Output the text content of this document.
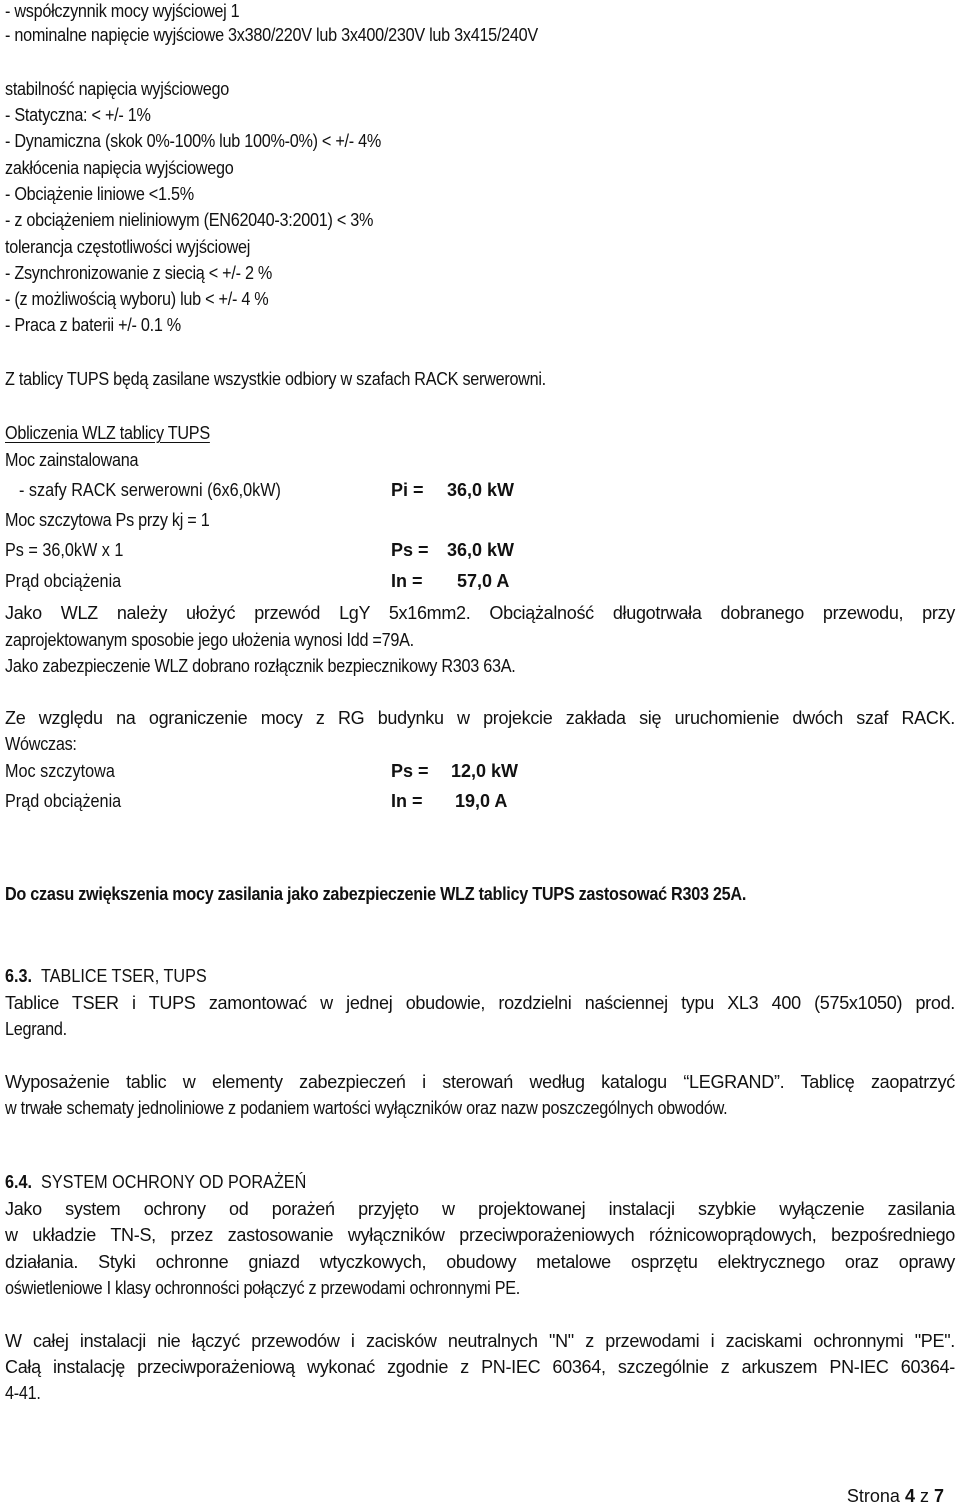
- współczynnik mocy wyjściowej 1
- nominalne napięcie wyjściowe 3x380/220V lub 3x400/230V lub 3x415/240V
stabilność napięcia wyjściowego
- Statyczna: < +/- 1%
- Dynamiczna (skok 0%-100% lub 100%-0%) < +/- 4%
zakłócenia napięcia wyjściowego
- Obciążenie liniowe <1.5%
- z obciążeniem nieliniowym (EN62040-3:2001) < 3%
tolerancja częstotliwości wyjściowej
- Zsynchronizowanie z siecią < +/- 2 %
- (z możliwością wyboru) lub < +/- 4 %
- Praca z baterii +/- 0.1 %
Z tablicy TUPS będą zasilane wszystkie odbiory w szafach RACK serwerowni.
Obliczenia WLZ tablicy TUPS
Moc zainstalowana
- szafy RACK serwerowni (6x6,0kW)	Pi = 36,0 kW
Moc szczytowa Ps przy kj = 1
Ps = 36,0kW x 1	Ps = 36,0 kW
Prąd obciążenia	In = 57,0 A
Jako WLZ należy ułożyć przewód LgY 5x16mm2. Obciążalność długotrwała dobranego przewodu, przy
zaprojektowanym sposobie jego ułożenia wynosi Idd =79A.
Jako zabezpieczenie WLZ dobrano rozłącznik bezpiecznikowy R303 63A.
Ze względu na ograniczenie mocy z RG budynku w projekcie zakłada się uruchomienie dwóch szaf RACK.
Wówczas:
Moc szczytowa	Ps = 12,0 kW
Prąd obciążenia	In = 19,0 A
Do czasu zwiększenia mocy zasilania jako zabezpieczenie WLZ tablicy TUPS zastosować R303 25A.
6.3. TABLICE TSER, TUPS
Tablice TSER i TUPS zamontować w jednej obudowie, rozdzielni naściennej typu XL3 400 (575x1050) prod.
Legrand.
Wyposażenie tablic w elementy zabezpieczeń i sterowań według katalogu “LEGRAND”. Tablicę zaopatrzyć
w trwałe schematy jednoliniowe z podaniem wartości wyłączników oraz nazw poszczególnych obwodów.
6.4. SYSTEM OCHRONY OD PORAŻEŃ
Jako system ochrony od porażeń przyjęto w projektowanej instalacji szybkie wyłączenie zasilania
w układzie TN-S, przez zastosowanie wyłączników przeciwporażeniowych różnicowoprądowych, bezpośredniego
działania. Styki ochronne gniazd wtyczkowych, obudowy metalowe osprzętu elektrycznego oraz oprawy
oświetleniowe I klasy ochronności połączyć z przewodami ochronnymi PE.
W całej instalacji nie łączyć przewodów i zacisków neutralnych "N" z przewodami i zaciskami ochronnymi "PE".
Całą instalację przeciwporażeniową wykonać zgodnie z PN-IEC 60364, szczególnie z arkuszem PN-IEC 60364-
4-41.
Strona 4 z 7
